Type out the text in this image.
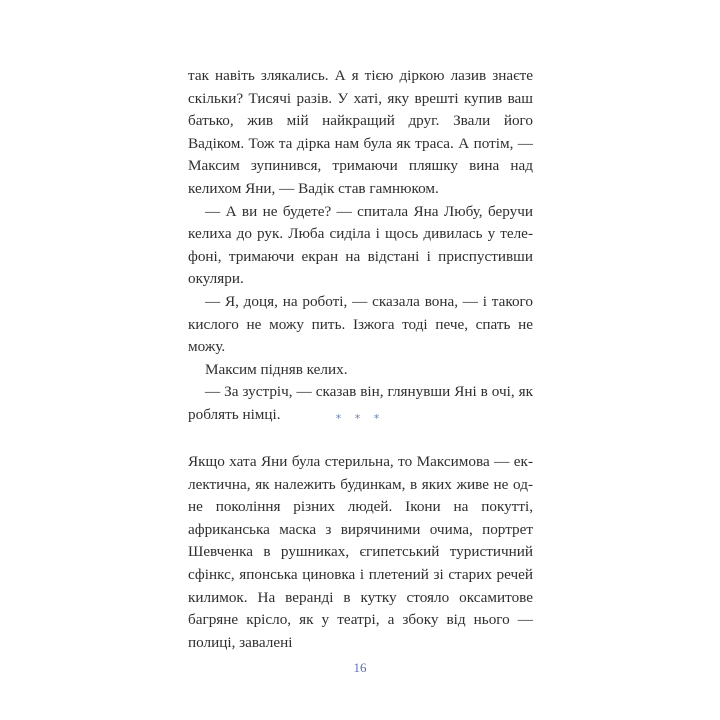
так навіть злякались. А я тією діркою лазив знаєте скільки? Тисячі разів. У хаті, яку врешті купив ваш батько, жив мій найкращий друг. Звали його Вадіком. Тож та дірка нам була як траса. А потім, — Максим зупинився, тримаючи пляшку вина над келихом Яни, — Вадік став гамнюком.

— А ви не будете? — спитала Яна Любу, беручи келиха до рук. Люба сиділа і щось дивилась у телефоні, тримаючи екран на відстані і приспустивши окуляри.

— Я, доця, на роботі, — сказала вона, — і такого кислого не можу пить. Ізжога тоді пече, спать не можу.

Максим підняв келих.

— За зустріч, — сказав він, глянувши Яні в очі, як роблять німці.	* * *

Якщо хата Яни була стерильна, то Максимова — еклектична, як належить будинкам, в яких живе не одне покоління різних людей. Ікони на покутті, африканська маска з вирячиними очима, портрет Шевченка в рушниках, єгипетський туристичний сфінкс, японська циновка і плетений зі старих речей килимок. На веранді в кутку стояло оксамитове багряне крісло, як у театрі, а збоку від нього — полиці, завалені

16
